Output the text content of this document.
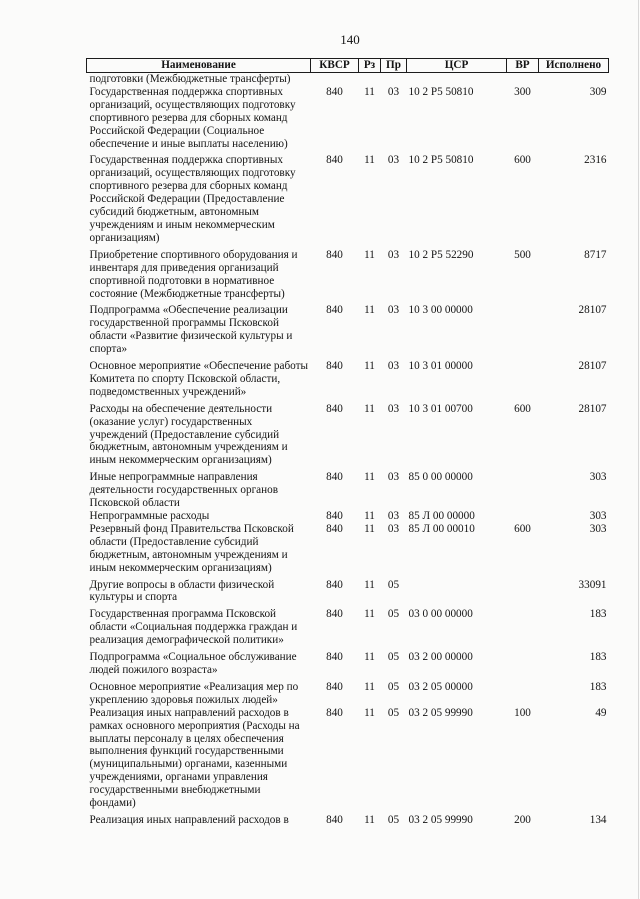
140
Наименование	КВСР	Рз	Пр	ЦСР	ВР	Исполнено
подготовки (Межбюджетные трансферты)						
Государственная поддержка спортивных организаций, осуществляющих подготовку спортивного резерва для сборных команд Российской Федерации (Социальное обеспечение и иные выплаты населению)	840	11	03	10 2 Р5 50810	300	309
Государственная поддержка спортивных организаций, осуществляющих подготовку спортивного резерва для сборных команд Российской Федерации (Предоставление субсидий бюджетным, автономным учреждениям и иным некоммерческим организациям)	840	11	03	10 2 Р5 50810	600	2316
Приобретение спортивного оборудования и инвентаря для приведения организаций спортивной подготовки в нормативное состояние (Межбюджетные трансферты)	840	11	03	10 2 Р5 52290	500	8717
Подпрограмма «Обеспечение реализации государственной программы Псковской области «Развитие физической культуры и спорта»	840	11	03	10 3 00 00000		28107
Основное мероприятие «Обеспечение работы Комитета по спорту Псковской области, подведомственных учреждений»	840	11	03	10 3 01 00000		28107
Расходы на обеспечение деятельности (оказание услуг) государственных учреждений (Предоставление субсидий бюджетным, автономным учреждениям и иным некоммерческим организациям)	840	11	03	10 3 01 00700	600	28107
Иные непрограммные направления деятельности государственных органов Псковской области	840	11	03	85 0 00 00000		303
Непрограммные расходы	840	11	03	85 Л 00 00000		303
Резервный фонд Правительства Псковской области (Предоставление субсидий бюджетным, автономным учреждениям и иным некоммерческим организациям)	840	11	03	85 Л 00 00010	600	303
Другие вопросы в области физической культуры и спорта	840	11	05			33091
Государственная программа Псковской области «Социальная поддержка граждан и реализация демографической политики»	840	11	05	03 0 00 00000		183
Подпрограмма «Социальное обслуживание людей пожилого возраста»	840	11	05	03 2 00 00000		183
Основное мероприятие «Реализация мер по укреплению здоровья пожилых людей»	840	11	05	03 2 05 00000		183
Реализация иных направлений расходов в рамках основного мероприятия (Расходы на выплаты персоналу в целях обеспечения выполнения функций государственными (муниципальными) органами, казенными учреждениями, органами управления государственными внебюджетными фондами)	840	11	05	03 2 05 99990	100	49
Реализация иных направлений расходов в	840	11	05	03 2 05 99990	200	134
